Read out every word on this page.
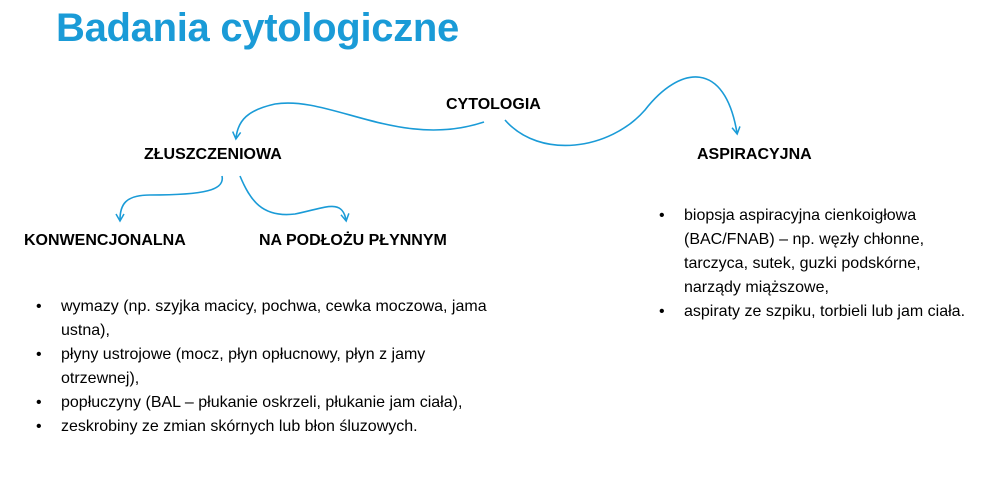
Badania cytologiczne
CYTOLOGIA
ZŁUSZCZENIOWA	ASPIRACYJNA
KONWENCJONALNA	NA PODŁOŻU PŁYNNYM
• wymazy (np. szyjka macicy, pochwa, cewka moczowa, jama ustna),
• płyny ustrojowe (mocz, płyn opłucnowy, płyn z jamy otrzewnej),
• popłuczyny (BAL – płukanie oskrzeli, płukanie jam ciała),
• zeskrobiny ze zmian skórnych lub błon śluzowych.
• biopsja aspiracyjna cienkoigłowa (BAC/FNAB) – np. węzły chłonne, tarczyca, sutek, guzki podskórne, narządy miąższowe,
• aspiraty ze szpiku, torbieli lub jam ciała.
